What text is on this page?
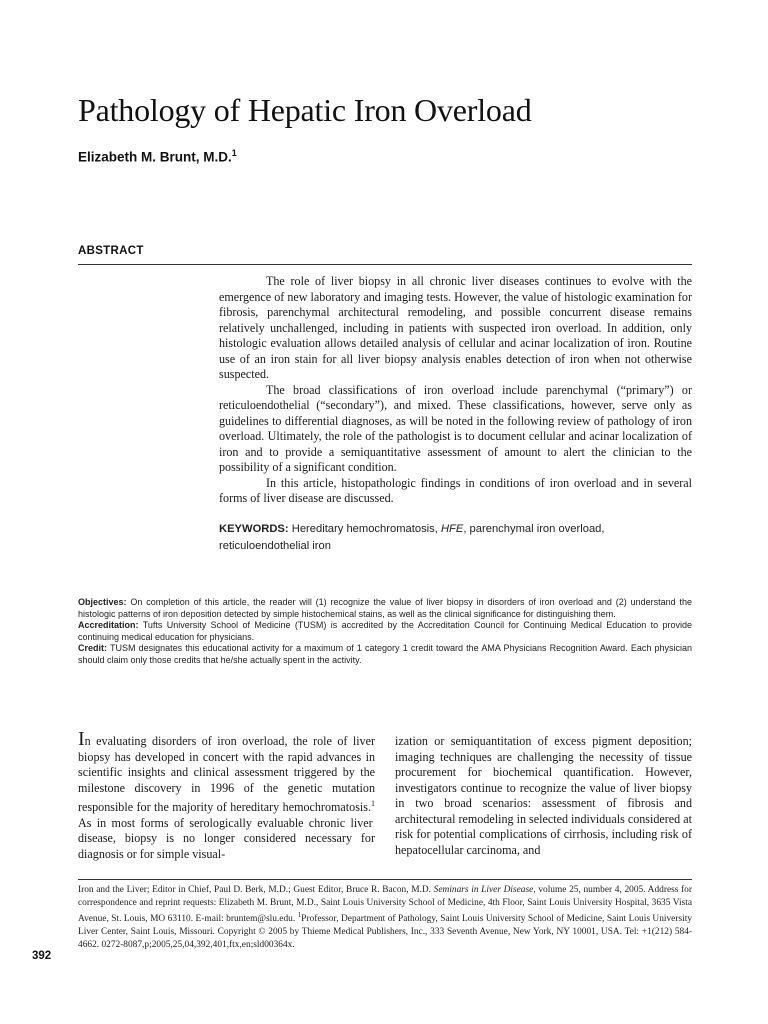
Pathology of Hepatic Iron Overload
Elizabeth M. Brunt, M.D.$^1$
ABSTRACT

The role of liver biopsy in all chronic liver diseases continues to evolve with the emergence of new laboratory and imaging tests. However, the value of histologic examination for fibrosis, parenchymal architectural remodeling, and possible concurrent disease remains relatively unchallenged, including in patients with suspected iron overload. In addition, only histologic evaluation allows detailed analysis of cellular and acinar localization of iron. Routine use of an iron stain for all liver biopsy analysis enables detection of iron when not otherwise suspected.

The broad classifications of iron overload include parenchymal (“primary”) or reticuloendothelial (“secondary”), and mixed. These classifications, however, serve only as guidelines to differential diagnoses, as will be noted in the following review of pathology of iron overload. Ultimately, the role of the pathologist is to document cellular and acinar localization of iron and to provide a semiquantitative assessment of amount to alert the clinician to the possibility of a significant condition.

In this article, histopathologic findings in conditions of iron overload and in several forms of liver disease are discussed.

KEYWORDS: Hereditary hemochromatosis, HFE, parenchymal iron overload, reticuloendothelial iron

Objectives: On completion of this article, the reader will (1) recognize the value of liver biopsy in disorders of iron overload and (2) understand the histologic patterns of iron deposition detected by simple histochemical stains, as well as the clinical significance for distinguishing them.

Accreditation: Tufts University School of Medicine (TUSM) is accredited by the Accreditation Council for Continuing Medical Education to provide continuing medical education for physicians.

Credit: TUSM designates this educational activity for a maximum of 1 category 1 credit toward the AMA Physicians Recognition Award. Each physician should claim only those credits that he/she actually spent in the activity.

In evaluating disorders of iron overload, the role of liver biopsy has developed in concert with the rapid advances in scientific insights and clinical assessment triggered by the milestone discovery in 1996 of the genetic mutation responsible for the majority of hereditary hemochromatosis.$^1$ As in most forms of serologically evaluable chronic liver disease, biopsy is no longer considered necessary for diagnosis or for simple visual-

ization or semiquantitation of excess pigment deposition; imaging techniques are challenging the necessity of tissue procurement for biochemical quantification. However, investigators continue to recognize the value of liver biopsy in two broad scenarios: assessment of fibrosis and architectural remodeling in selected individuals considered at risk for potential complications of cirrhosis, including risk of hepatocellular carcinoma, and

Iron and the Liver; Editor in Chief, Paul D. Berk, M.D.; Guest Editor, Bruce R. Bacon, M.D. Seminars in Liver Disease, volume 25, number 4, 2005. Address for correspondence and reprint requests: Elizabeth M. Brunt, M.D., Saint Louis University School of Medicine, 4th Floor, Saint Louis University Hospital, 3635 Vista Avenue, St. Louis, MO 63110. E-mail: bruntem@slu.edu. $^1$Professor, Department of Pathology, Saint Louis University School of Medicine, Saint Louis University Liver Center, Saint Louis, Missouri. Copyright © 2005 by Thieme Medical Publishers, Inc., 333 Seventh Avenue, New York, NY 10001, USA. Tel: +1(212) 584-4662. 0272-8087,p;2005,25,04,392,401,ftx,en;sld00364x.

392
